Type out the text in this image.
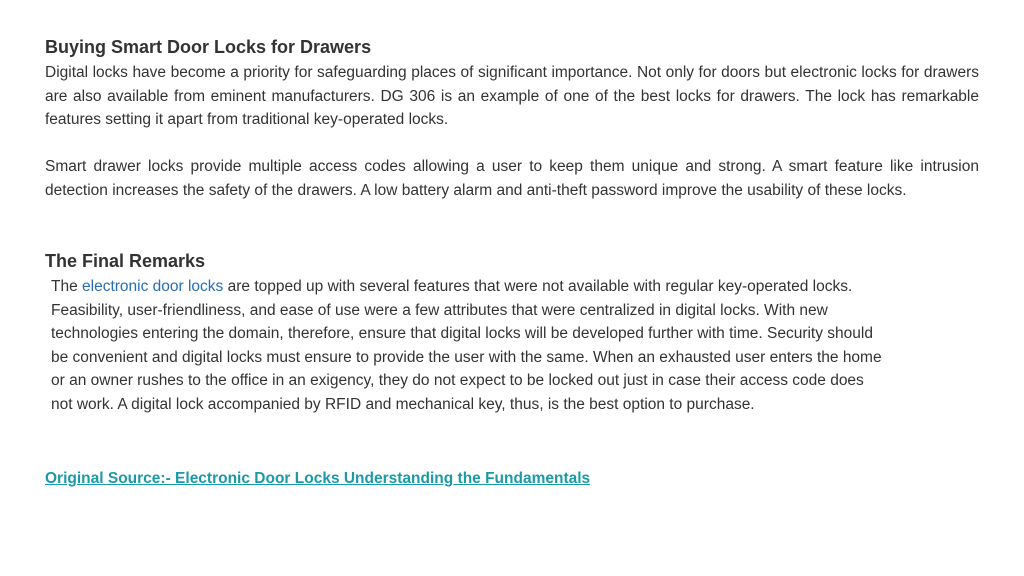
Buying Smart Door Locks for Drawers

Digital locks have become a priority for safeguarding places of significant importance. Not only for doors but electronic locks for drawers are also available from eminent manufacturers. DG 306 is an example of one of the best locks for drawers. The lock has remarkable features setting it apart from traditional key-operated locks.

Smart drawer locks provide multiple access codes allowing a user to keep them unique and strong. A smart feature like intrusion detection increases the safety of the drawers. A low battery alarm and anti-theft password improve the usability of these locks.

The Final Remarks

The electronic door locks are topped up with several features that were not available with regular key-operated locks.
Feasibility, user-friendliness, and ease of use were a few attributes that were centralized in digital locks. With new
technologies entering the domain, therefore, ensure that digital locks will be developed further with time. Security should
be convenient and digital locks must ensure to provide the user with the same. When an exhausted user enters the home
or an owner rushes to the office in an exigency, they do not expect to be locked out just in case their access code does
not work. A digital lock accompanied by RFID and mechanical key, thus, is the best option to purchase.

Original Source:- Electronic Door Locks Understanding the Fundamentals
